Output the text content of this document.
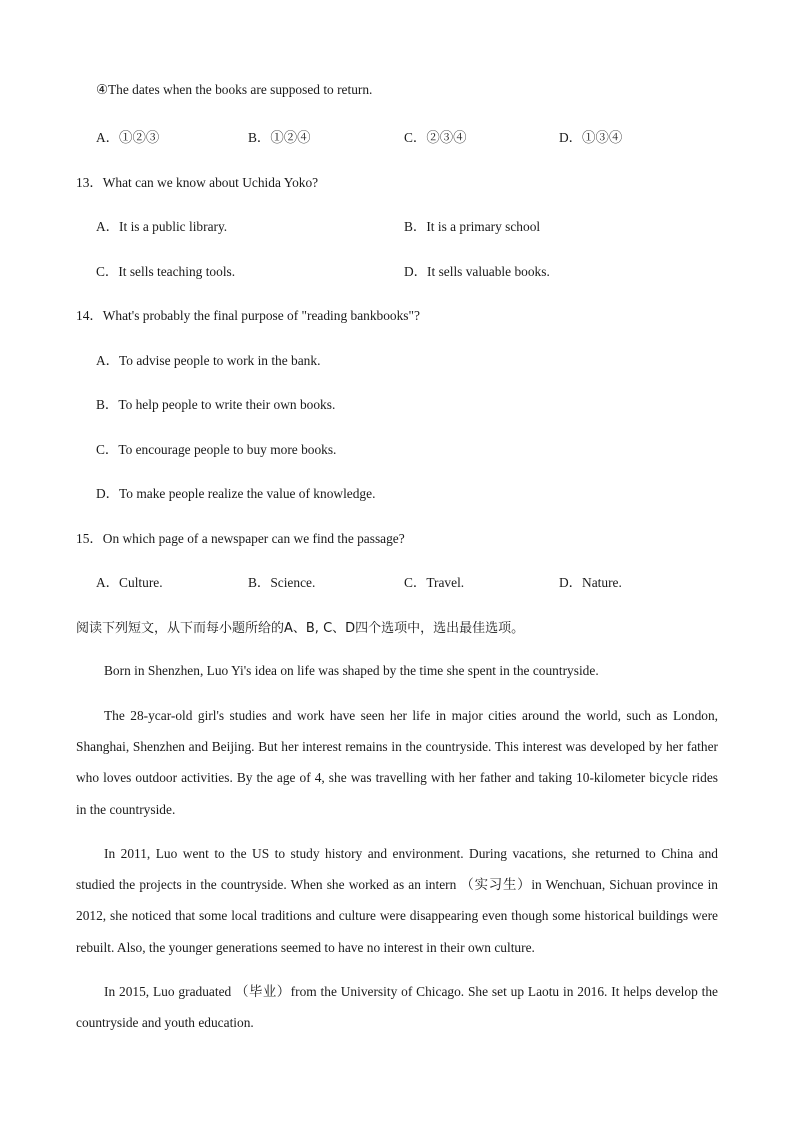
④The dates when the books are supposed to return.
A．①②③	B．①②④	C．②③④	D．①③④
13．What can we know about Uchida Yoko?
A．It is a public library.	B．It is a primary school
C．It sells teaching tools.	D．It sells valuable books.
14．What's probably the final purpose of "reading bankbooks"?
A．To advise people to work in the bank.
B．To help people to write their own books.
C．To encourage people to buy more books.
D．To make people realize the value of knowledge.
15．On which page of a newspaper can we find the passage?
A．Culture.	B．Science.	C．Travel.	D．Nature.
阅读下列短文，从下而每小题所给的A、B, C、D四个选项中，选出最佳选项。
Born in Shenzhen, Luo Yi's idea on life was shaped by the time she spent in the countryside.
The 28-ycar-old girl's studies and work have seen her life in major cities around the world, such as London, Shanghai, Shenzhen and Beijing. But her interest remains in the countryside. This interest was developed by her father who loves outdoor activities. By the age of 4, she was travelling with her father and taking 10-kilometer bicycle rides in the countryside.
In 2011, Luo went to the US to study history and environment. During vacations, she returned to China and studied the projects in the countryside. When she worked as an intern （实习生）in Wenchuan, Sichuan province in 2012, she noticed that some local traditions and culture were disappearing even though some historical buildings were rebuilt. Also, the younger generations seemed to have no interest in their own culture.
In 2015, Luo graduated （毕业）from the University of Chicago. She set up Laotu in 2016. It helps develop the countryside and youth education.
